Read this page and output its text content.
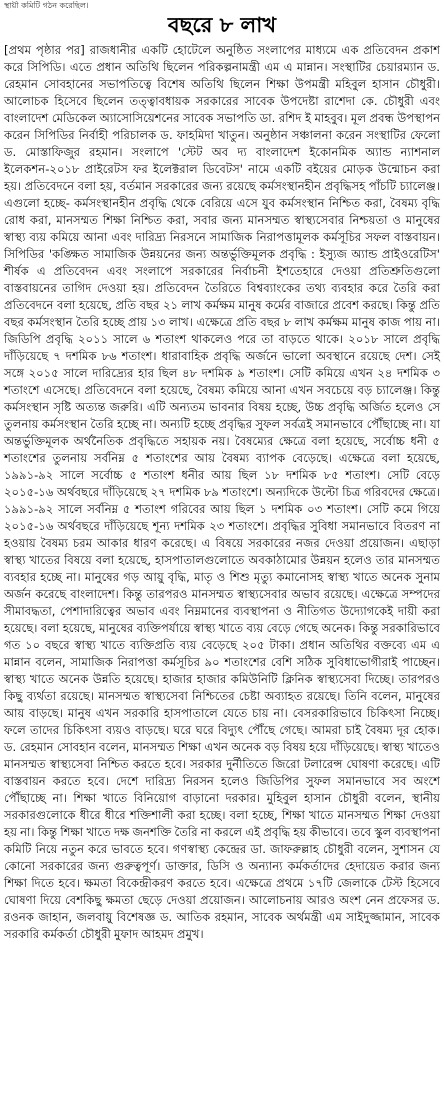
স্থায়ী কমিটি গঠন করেছিল।
বছরে ৮ লাখ

[প্রথম পৃষ্ঠার পর] রাজধানীর একটি হোটেলে অনুষ্ঠিত সংলাপের মাধ্যমে এক প্রতিবেদন প্রকাশ করে সিপিডি। এতে প্রধান অতিথি ছিলেন পরিকল্পনামন্ত্রী এম এ মান্নান। সংস্থাটির চেয়ারম্যান ড. রেহমান সোবহানের সভাপতিত্বে বিশেষ অতিথি ছিলেন শিক্ষা উপমন্ত্রী মহিবুল হাসান চৌধুরী। আলোচক হিসেবে ছিলেন তত্ত্বাবধায়ক সরকারের সাবেক উপদেষ্টা রাশেদা কে. চৌধুরী এবং বাংলাদেশ মেডিকেল অ্যাসোসিয়েশনের সাবেক সভাপতি ডা. রশিদ ই মাহবুব। মূল প্রবন্ধ উপস্থাপন করেন সিপিডির নির্বাহী পরিচালক ড. ফাহমিদা খাতুন। অনুষ্ঠান সঞ্চালনা করেন সংস্থাটির ফেলো ড. মোস্তাফিজুর রহমান। সংলাপে 'স্টেট অব দ্য বাংলাদেশ ইকোনমিক অ্যান্ড ন্যাশনাল ইলেকশন-২০১৮ প্রাইরেটস ফর ইলেক্টরাল ডিবেটস' নামে একটি বইয়ের মোড়ক উন্মোচন করা হয়। প্রতিবেদনে বলা হয়, বর্তমান সরকারের জন্য রয়েছে কর্মসংস্থানহীন প্রবৃদ্ধিসহ পাঁচটি চ্যালেঞ্জ। এগুলো হচ্ছে- কর্মসংস্থানহীন প্রবৃদ্ধি থেকে বেরিয়ে এসে যুব কর্মসংস্থান নিশ্চিত করা, বৈষম্য বৃদ্ধি রোধ করা, মানসম্মত শিক্ষা নিশ্চিত করা, সবার জন্য মানসম্মত স্বাস্থ্যসেবার নিশ্চয়তা ও মানুষের স্বাস্থ্য ব্যয় কমিয়ে আনা এবং দারিদ্র্য নিরসনে সামাজিক নিরাপত্তামূলক কর্মসূচির সফল বাস্তবায়ন। সিপিডির 'কঙ্ক্ষিত সামাজিক উন্নয়নের জন্য অন্তর্ভুক্তিমূলক প্রবৃদ্ধি : ইস্যুজ অ্যান্ড প্রাইওরেটিস' শীর্ষক এ প্রতিবেদন এবং সংলাপে সরকারের নির্বাচনী ইশতেহারে দেওয়া প্রতিশ্রুতিগুলো বাস্তবায়নের তাগিদ দেওয়া হয়। প্রতিবেদন তৈরিতে বিশ্বব্যাংকের তথ্য ব্যবহার করে তৈরি করা প্রতিবেদনে বলা হয়েছে, প্রতি বছর ২১ লাখ কর্মক্ষম মানুষ কর্মের বাজারে প্রবেশ করছে। কিন্তু প্রতি বছর কর্মসংস্থান তৈরি হচ্ছে প্রায় ১৩ লাখ। এক্ষেত্রে প্রতি বছর ৮ লাখ কর্মক্ষম মানুষ কাজ পায় না। জিডিপি প্রবৃদ্ধি ২০১১ সালে ৬ শতাংশ থাকলেও পরে তা বাড়তে থাকে। ২০১৮ সালে প্রবৃদ্ধি দাঁড়িয়েছে ৭ দশমিক ৮৬ শতাংশ। ধারাবাহিক প্রবৃদ্ধি অর্জনে ভালো অবস্থানে রয়েছে দেশ। সেই সঙ্গে ২০১৫ সালে দারিদ্র্যের হার ছিল ৪৮ দশমিক ৯ শতাংশ। সেটি কমিয়ে এখন ২৪ দশমিক ৩ শতাংশে এসেছে। প্রতিবেদনে বলা হয়েছে, বৈষম্য কমিয়ে আনা এখন সবচেয়ে বড় চ্যালেঞ্জ। কিন্তু কর্মসংস্থান সৃষ্টি অত্যন্ত জরুরি। এটি অন্যতম ভাবনার বিষয় হচ্ছে, উচ্চ প্রবৃদ্ধি অর্জিত হলেও সে তুলনায় কর্মসংস্থান তৈরি হচ্ছে না। অন্যটি হচ্ছে প্রবৃদ্ধির সুফল সর্বত্রই সমানভাবে পৌঁছাচ্ছে না। যা অন্তর্ভুক্তিমূলক অর্থনৈতিক প্রবৃদ্ধিতে সহায়ক নয়। বৈষম্যের ক্ষেত্রে বলা হয়েছে, সর্বোচ্চ ধনী ৫ শতাংশের তুলনায় সর্বনিম্ন ৫ শতাংশের আয় বৈষম্য ব্যাপক বেড়েছে। এক্ষেত্রে বলা হয়েছে, ১৯৯১-৯২ সালে সর্বোচ্চ ৫ শতাংশ ধনীর আয় ছিল ১৮ দশমিক ৮৫ শতাংশ। সেটি বেড়ে ২০১৫-১৬ অর্থবছরে দাঁড়িয়েছে ২৭ দশমিক ৮৯ শতাংশে। অন্যদিকে উল্টো চিত্র গরিবদের ক্ষেত্রে। ১৯৯১-৯২ সালে সর্বনিম্ন ৫ শতাংশ গরিবের আয় ছিল ১ দশমিক ০৩ শতাংশ। সেটি কমে গিয়ে ২০১৫-১৬ অর্থবছরে দাঁড়িয়েছে শূন্য দশমিক ২৩ শতাংশে। প্রবৃদ্ধির সুবিধা সমানভাবে বিতরণ না হওয়ায় বৈষম্য চরম আকার ধারণ করেছে। এ বিষয়ে সরকারের নজর দেওয়া প্রয়োজন। এছাড়া স্বাস্থ্য খাতের বিষয়ে বলা হয়েছে, হাসপাতালগুলোতে অবকাঠামোর উন্নয়ন হলেও তার মানসম্মত ব্যবহার হচ্ছে না। মানুষের গড় আয়ু বৃদ্ধি, মাতৃ ও শিশু মৃত্যু কমানোসহ স্বাস্থ্য খাতে অনেক সুনাম অর্জন করেছে বাংলাদেশ। কিন্তু তারপরও মানসম্মত স্বাস্থ্যসেবার অভাব রয়েছে। এক্ষেত্রে সম্পদের সীমাবদ্ধতা, পেশাদারিত্বের অভাব এবং নিম্নমানের ব্যবস্থাপনা ও নীতিগত উদ্যোগকেই দায়ী করা হয়েছে। বলা হয়েছে, মানুষের ব্যক্তিপর্যায়ে স্বাস্থ্য খাতে ব্যয় বেড়ে গেছে অনেক। কিন্তু সরকারিভাবে গত ১০ বছরে স্বাস্থ্য খাতে ব্যক্তিপ্রতি ব্যয় বেড়েছে ২০৫ টাকা। প্রধান অতিথির বক্তব্যে এম এ মান্নান বলেন, সামাজিক নিরাপত্তা কর্মসূচির ৯০ শতাংশের বেশি সঠিক সুবিধাভোগীরাই পাচ্ছেন। স্বাস্থ্য খাতে অনেক উন্নতি হয়েছে। হাজার হাজার কমিউনিটি ক্লিনিক স্বাস্থ্যসেবা দিচ্ছে। তারপরও কিছু ব্যর্থতা রয়েছে। মানসম্মত স্বাস্থ্যসেবা নিশ্চিতের চেষ্টা অব্যাহত রয়েছে। তিনি বলেন, মানুষের আয় বাড়ছে। মানুষ এখন সরকারি হাসপাতালে যেতে চায় না। বেসরকারিভাবে চিকিৎসা নিচ্ছে। ফলে তাদের চিকিৎসা ব্যয়ও বাড়ছে। ঘরে ঘরে বিদ্যুৎ পৌঁছে গেছে। আমরা চাই বৈষম্য দূর হোক। ড. রেহমান সোবহান বলেন, মানসম্মত শিক্ষা এখন অনেক বড় বিষয় হয়ে দাঁড়িয়েছে। স্বাস্থ্য খাতেও মানসম্মত স্বাস্থ্যসেবা নিশ্চিত করতে হবে। সরকার দুর্নীতিতে জিরো টলারেন্স ঘোষণা করেছে। এটি বাস্তবায়ন করতে হবে। দেশে দারিদ্র্য নিরসন হলেও জিডিপির সুফল সমানভাবে সব অংশে পৌঁছাচ্ছে না। শিক্ষা খাতে বিনিয়োগ বাড়ানো দরকার। মুহিবুল হাসান চৌধুরী বলেন, স্থানীয় সরকারগুলোকে ধীরে ধীরে শক্তিশালী করা হচ্ছে। বলা হচ্ছে, শিক্ষা খাতে মানসম্মত শিক্ষা দেওয়া হয় না। কিন্তু শিক্ষা খাতে দক্ষ জনশক্তি তৈরি না করলে এই প্রবৃদ্ধি হয় কীভাবে। তবে স্কুল ব্যবস্থাপনা কমিটি নিয়ে নতুন করে ভাবতে হবে। গণস্বাস্থ্য কেন্দ্রের ডা. জাফরুল্লাহ চৌধুরী বলেন, সুশাসন যে কোনো সরকারের জন্য গুরুত্বপূর্ণ। ডাক্তার, ডিসি ও অন্যান্য কর্মকর্তাদের হেদায়েত করার জন্য শিক্ষা দিতে হবে। ক্ষমতা বিকেন্দ্রীকরণ করতে হবে। এক্ষেত্রে প্রথমে ১৭টি জেলাকে টেস্ট হিসেবে ঘোষণা দিয়ে বেশকিছু ক্ষমতা ছেড়ে দেওয়া প্রয়োজন। আলোচনায় আরও অংশ নেন প্রফেসর ড. রওনক জাহান, জলবায়ু বিশেষজ্ঞ ড. আতিক রহমান, সাবেক অর্থমন্ত্রী এম সাইদুজ্জামান, সাবেক সরকারি কর্মকর্তা চৌধুরী মুফাদ আহমদ প্রমুখ।
